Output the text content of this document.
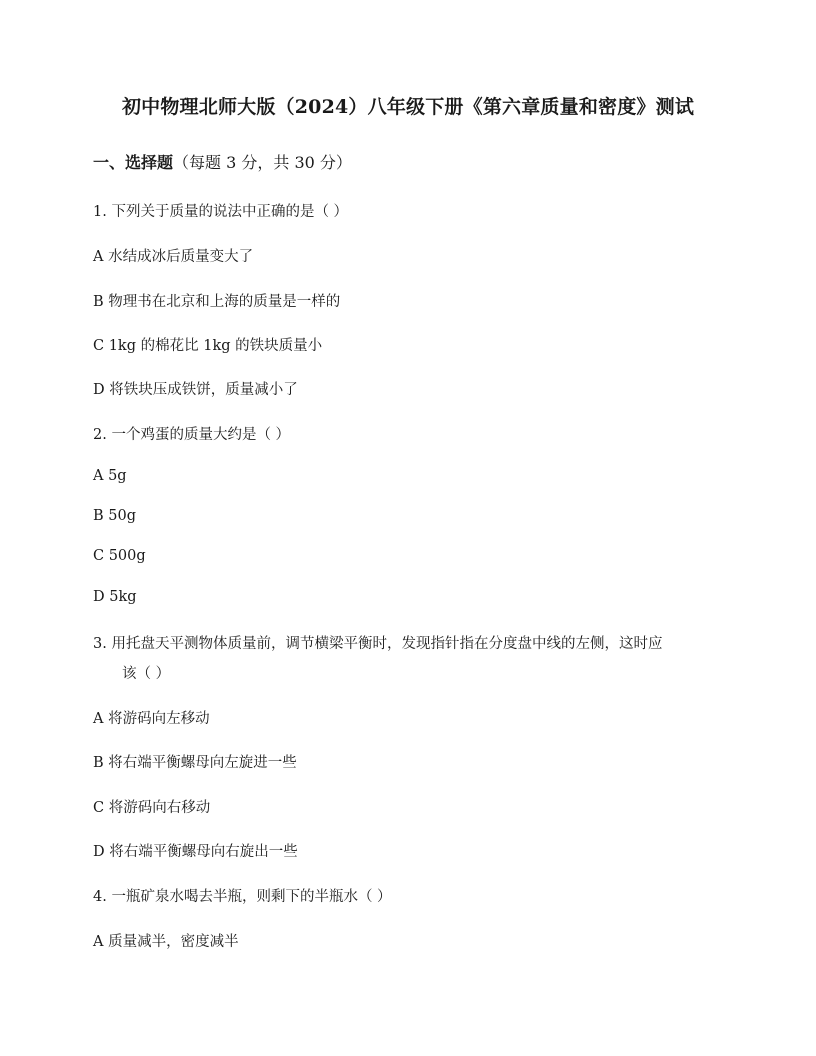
初中物理北师大版（2024）八年级下册《第六章质量和密度》测试
一、选择题（每题 3 分，共 30 分）
1. 下列关于质量的说法中正确的是（ ）
A 水结成冰后质量变大了
B 物理书在北京和上海的质量是一样的
C 1kg 的棉花比 1kg 的铁块质量小
D 将铁块压成铁饼，质量减小了
2. 一个鸡蛋的质量大约是（ ）
A 5g
B 50g
C 500g
D 5kg
3. 用托盘天平测物体质量前，调节横梁平衡时，发现指针指在分度盘中线的左侧，这时应
该（ ）
A 将游码向左移动
B 将右端平衡螺母向左旋进一些
C 将游码向右移动
D 将右端平衡螺母向右旋出一些
4. 一瓶矿泉水喝去半瓶，则剩下的半瓶水（ ）
A 质量减半，密度减半
